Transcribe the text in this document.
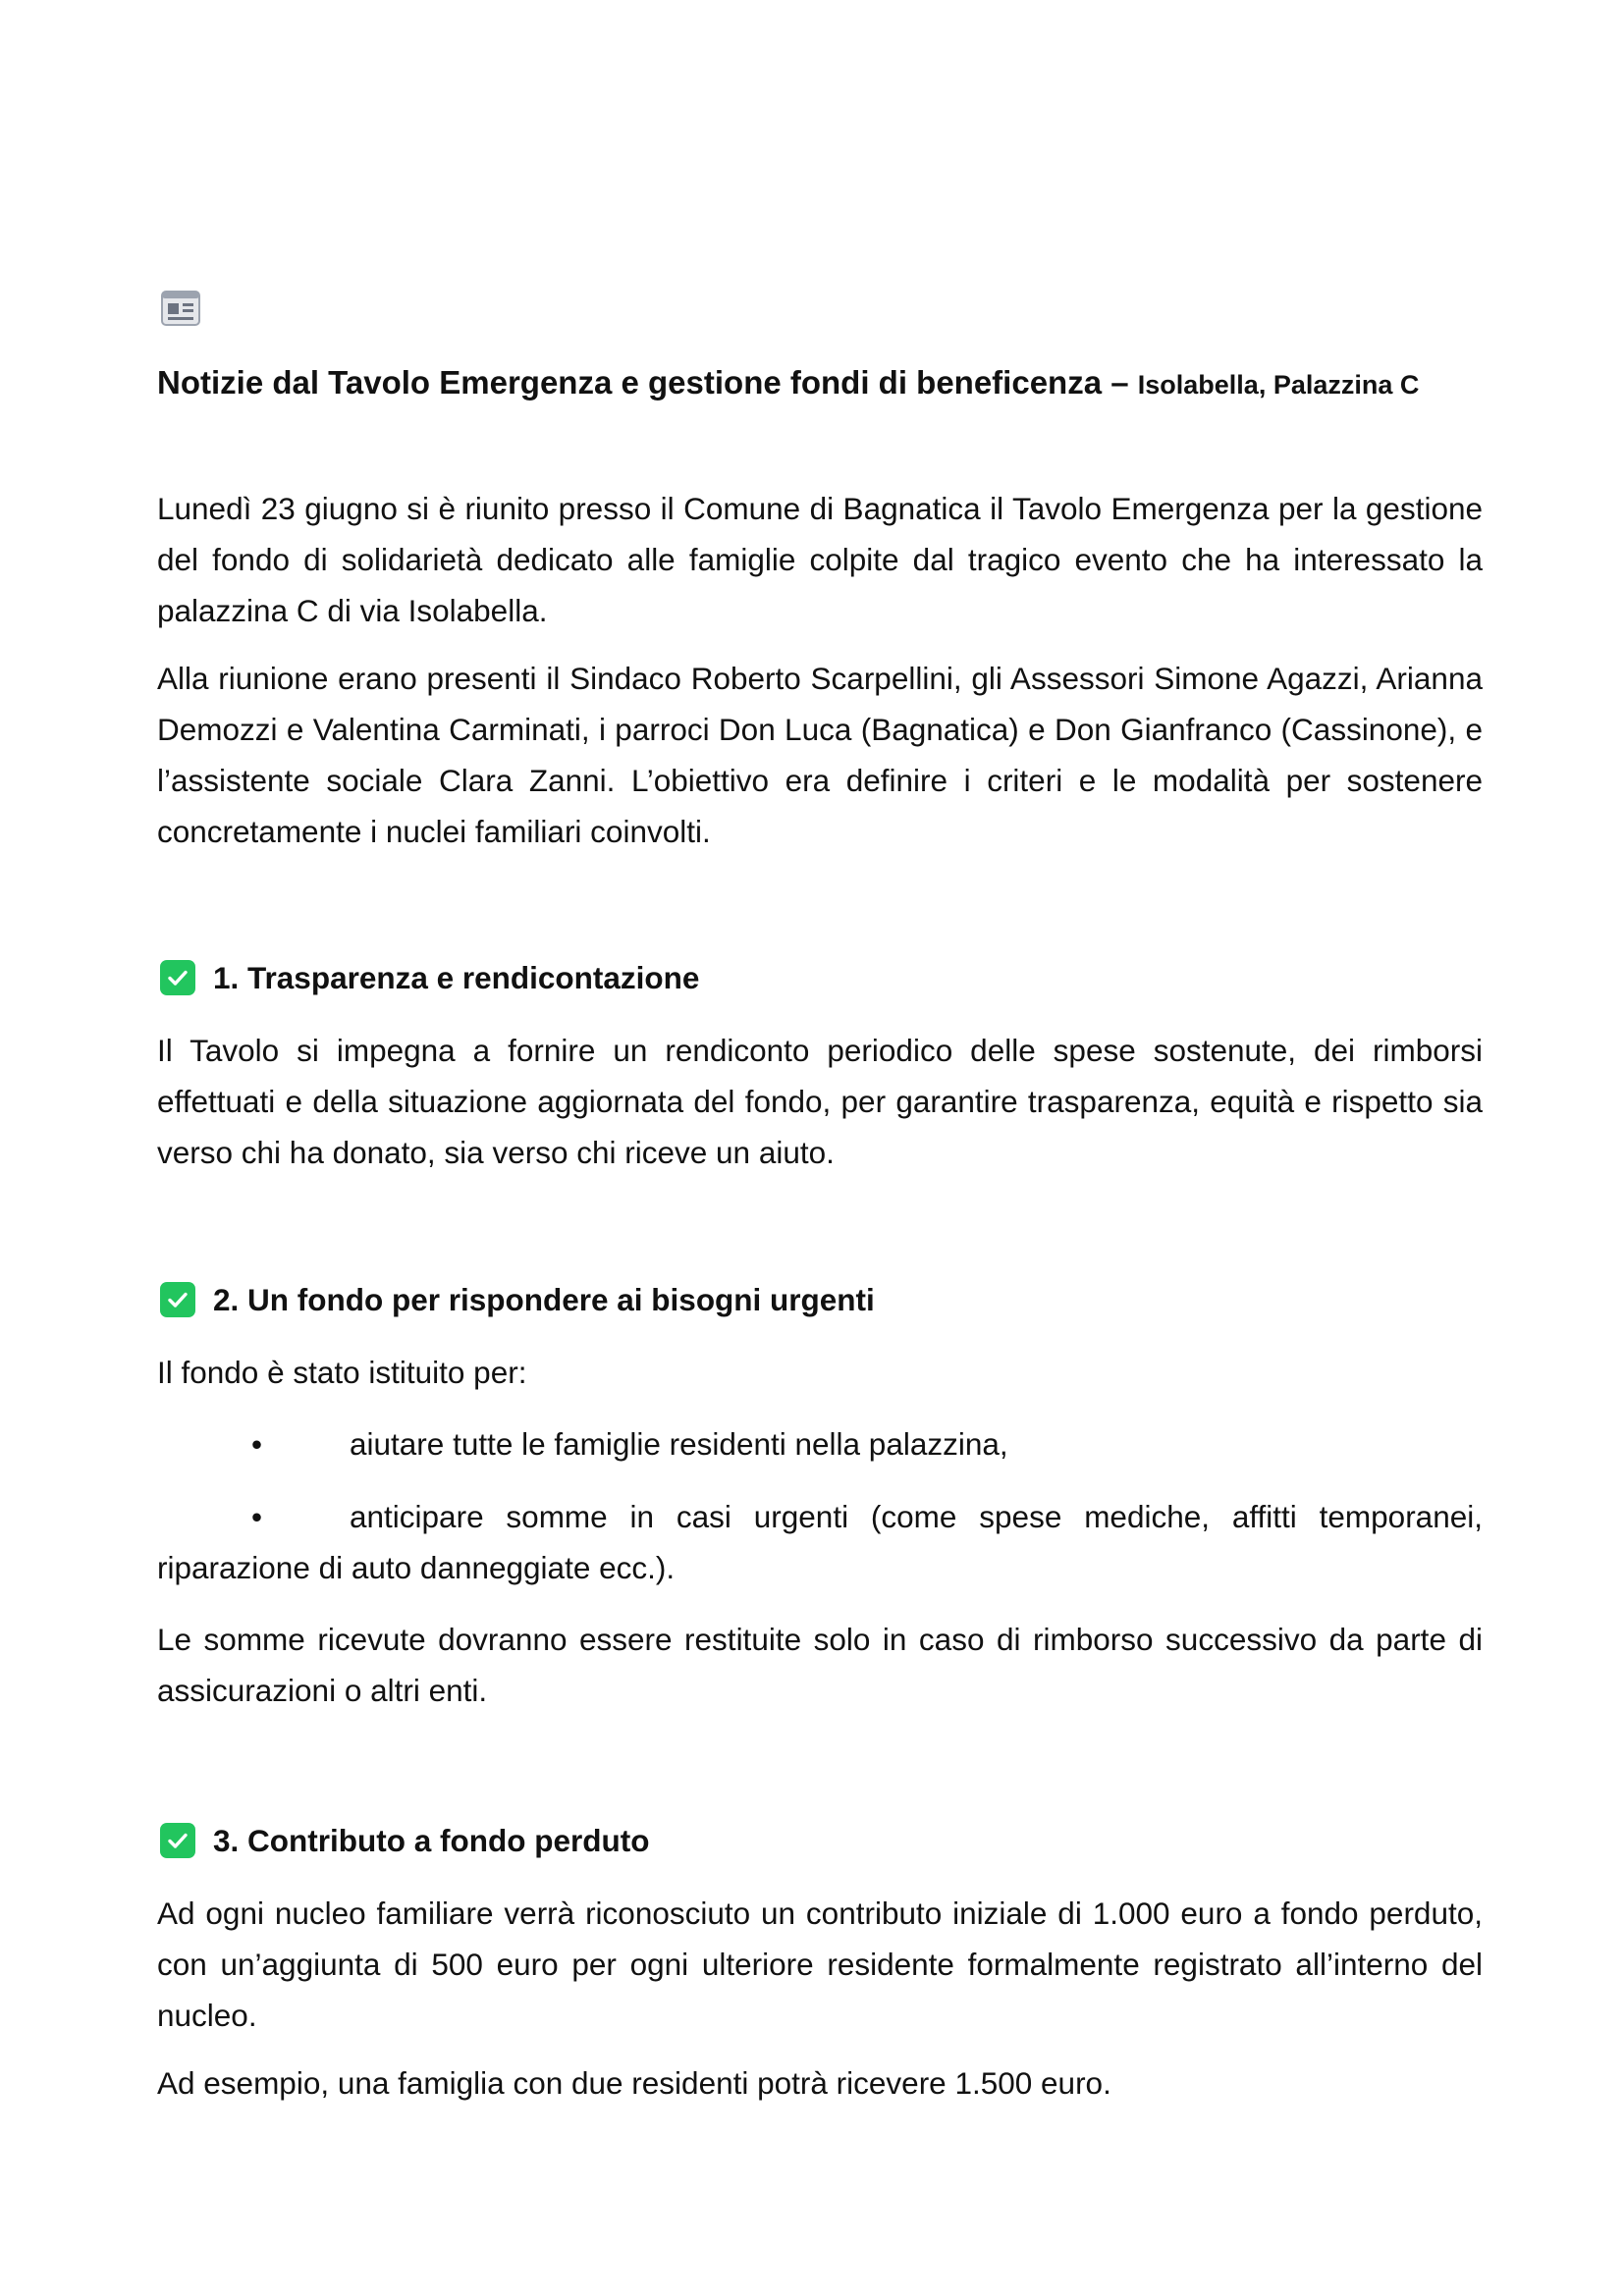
Notizie dal Tavolo Emergenza e gestione fondi di beneficenza – Isolabella, Palazzina C

Lunedì 23 giugno si è riunito presso il Comune di Bagnatica il Tavolo Emergenza per la gestione del fondo di solidarietà dedicato alle famiglie colpite dal tragico evento che ha interessato la palazzina C di via Isolabella.

Alla riunione erano presenti il Sindaco Roberto Scarpellini, gli Assessori Simone Agazzi, Arianna Demozzi e Valentina Carminati, i parroci Don Luca (Bagnatica) e Don Gianfranco (Cassinone), e l’assistente sociale Clara Zanni. L’obiettivo era definire i criteri e le modalità per sostenere concretamente i nuclei familiari coinvolti.

1. Trasparenza e rendicontazione

Il Tavolo si impegna a fornire un rendiconto periodico delle spese sostenute, dei rimborsi effettuati e della situazione aggiornata del fondo, per garantire trasparenza, equità e rispetto sia verso chi ha donato, sia verso chi riceve un aiuto.

2. Un fondo per rispondere ai bisogni urgenti

Il fondo è stato istituito per:

•	aiutare tutte le famiglie residenti nella palazzina,
•	anticipare somme in casi urgenti (come spese mediche, affitti temporanei,
riparazione di auto danneggiate ecc.).

Le somme ricevute dovranno essere restituite solo in caso di rimborso successivo da parte di assicurazioni o altri enti.

3. Contributo a fondo perduto

Ad ogni nucleo familiare verrà riconosciuto un contributo iniziale di 1.000 euro a fondo perduto, con un’aggiunta di 500 euro per ogni ulteriore residente formalmente registrato all’interno del nucleo.

Ad esempio, una famiglia con due residenti potrà ricevere 1.500 euro.
